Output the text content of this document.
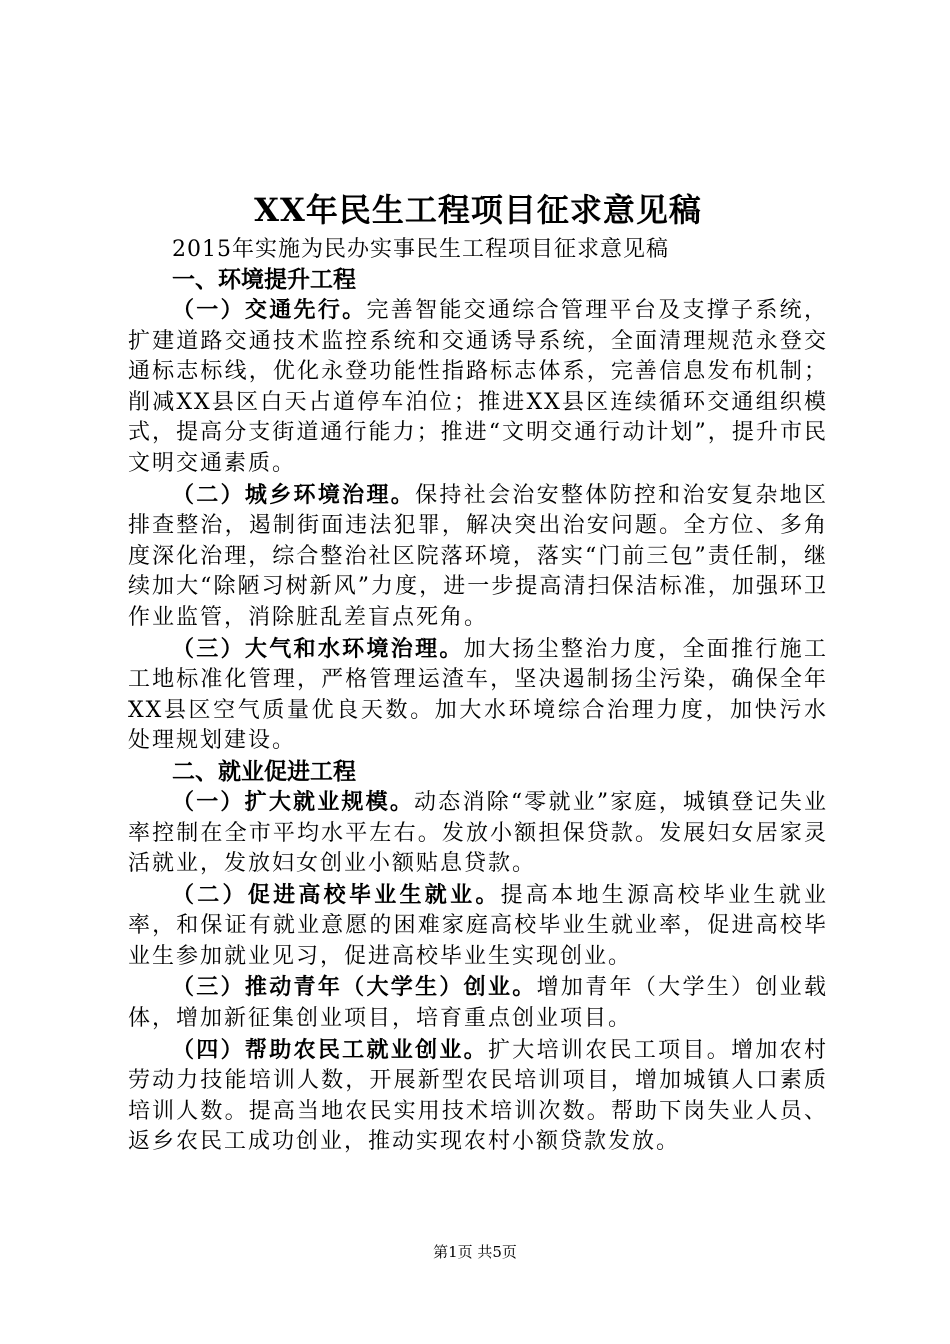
XX年民生工程项目征求意见稿

2015年实施为民办实事民生工程项目征求意见稿

一、环境提升工程

（一）交通先行。完善智能交通综合管理平台及支撑子系统，扩建道路交通技术监控系统和交通诱导系统，全面清理规范永登交通标志标线，优化永登功能性指路标志体系，完善信息发布机制；削减XX县区白天占道停车泊位；推进XX县区连续循环交通组织模式，提高分支街道通行能力；推进“文明交通行动计划”，提升市民文明交通素质。

（二）城乡环境治理。保持社会治安整体防控和治安复杂地区排查整治，遏制街面违法犯罪，解决突出治安问题。全方位、多角度深化治理，综合整治社区院落环境，落实“门前三包”责任制，继续加大“除陋习树新风”力度，进一步提高清扫保洁标准，加强环卫作业监管，消除脏乱差盲点死角。

（三）大气和水环境治理。加大扬尘整治力度，全面推行施工工地标准化管理，严格管理运渣车，坚决遏制扬尘污染，确保全年XX县区空气质量优良天数。加大水环境综合治理力度，加快污水处理规划建设。

二、就业促进工程

（一）扩大就业规模。动态消除“零就业”家庭，城镇登记失业率控制在全市平均水平左右。发放小额担保贷款。发展妇女居家灵活就业，发放妇女创业小额贴息贷款。

（二）促进高校毕业生就业。提高本地生源高校毕业生就业率，和保证有就业意愿的困难家庭高校毕业生就业率，促进高校毕业生参加就业见习，促进高校毕业生实现创业。

（三）推动青年（大学生）创业。增加青年（大学生）创业载体，增加新征集创业项目，培育重点创业项目。

（四）帮助农民工就业创业。扩大培训农民工项目。增加农村劳动力技能培训人数，开展新型农民培训项目，增加城镇人口素质培训人数。提高当地农民实用技术培训次数。帮助下岗失业人员、返乡农民工成功创业，推动实现农村小额贷款发放。

第1页 共5页
